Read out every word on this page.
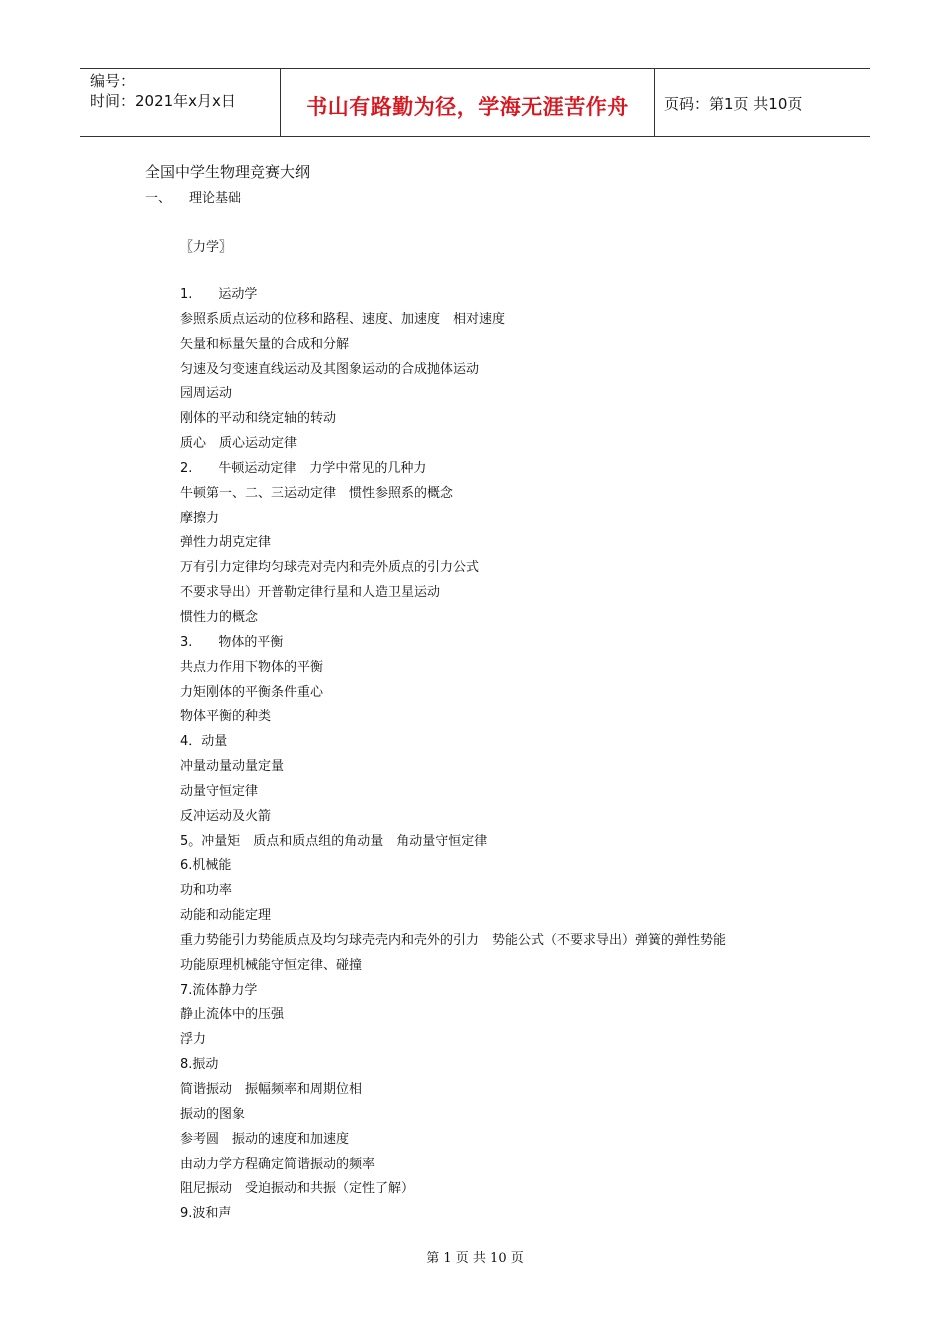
编号：
时间：2021年x月x日	书山有路勤为径，学海无涯苦作舟	页码：第1页 共10页
全国中学生物理竞赛大纲
一、 理论基础
〖力学〗
1.　　运动学
参照系质点运动的位移和路程、速度、加速度　相对速度
矢量和标量矢量的合成和分解
匀速及匀变速直线运动及其图象运动的合成抛体运动
园周运动
刚体的平动和绕定轴的转动
质心　质心运动定律
2.　　牛顿运动定律　力学中常见的几种力
牛顿第一、二、三运动定律　惯性参照系的概念
摩擦力
弹性力胡克定律
万有引力定律均匀球壳对壳内和壳外质点的引力公式
不要求导出）开普勒定律行星和人造卫星运动
惯性力的概念
3.　　物体的平衡
共点力作用下物体的平衡
力矩刚体的平衡条件重心
物体平衡的种类
4．动量
冲量动量动量定量
动量守恒定律
反冲运动及火箭
5。冲量矩　质点和质点组的角动量　角动量守恒定律
6.机械能
功和功率
动能和动能定理
重力势能引力势能质点及均匀球壳壳内和壳外的引力　势能公式（不要求导出）弹簧的弹性势能
功能原理机械能守恒定律、碰撞
7.流体静力学
静止流体中的压强
浮力
8.振动
简谐振动　振幅频率和周期位相
振动的图象
参考圆　振动的速度和加速度
由动力学方程确定简谐振动的频率
阻尼振动　受迫振动和共振（定性了解）
9.波和声
第 1 页 共 10 页
